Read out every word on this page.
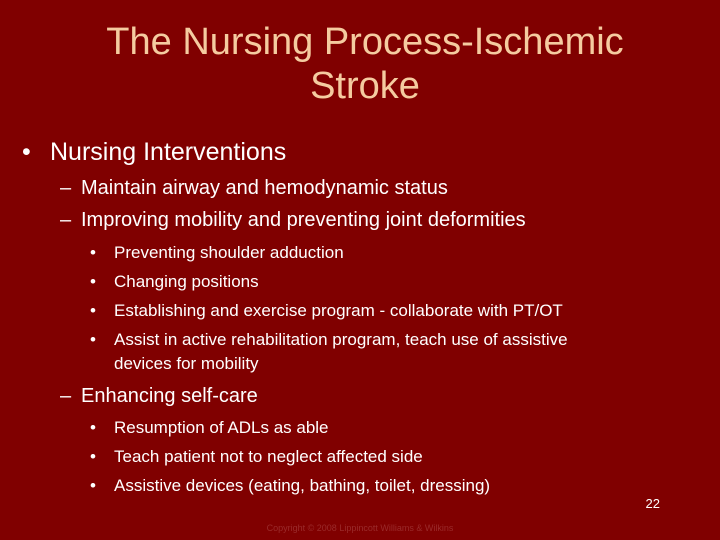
The Nursing Process-Ischemic
Stroke
• Nursing Interventions
– Maintain airway and hemodynamic status
– Improving mobility and preventing joint deformities
• Preventing shoulder adduction
• Changing positions
• Establishing and exercise program - collaborate with PT/OT
• Assist in active rehabilitation program, teach use of assistive
devices for mobility
– Enhancing self-care
• Resumption of ADLs as able
• Teach patient not to neglect affected side
• Assistive devices (eating, bathing, toilet, dressing)
22
Copyright © 2008 Lippincott Williams & Wilkins
